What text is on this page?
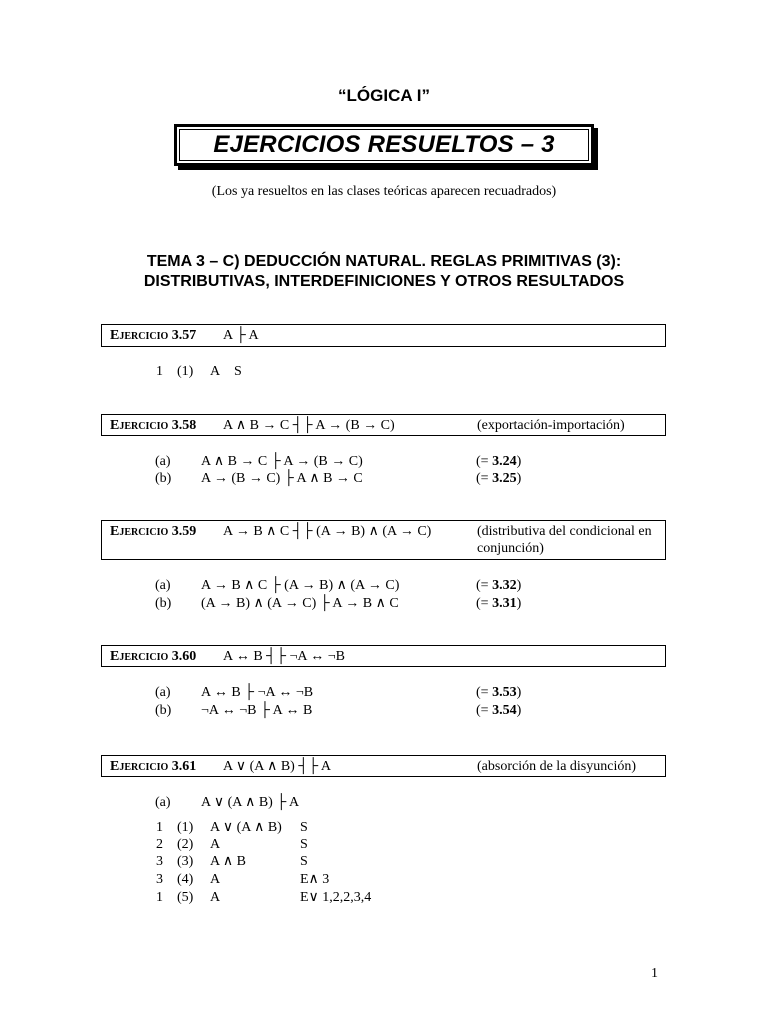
“LÓGICA I”
EJERCICIOS RESUELTOS – 3
(Los ya resueltos en las clases teóricas aparecen recuadrados)
TEMA 3 – C) DEDUCCIÓN NATURAL. REGLAS PRIMITIVAS (3):
DISTRIBUTIVAS, INTERDEFINICIONES Y OTROS RESULTADOS
Ejercicio 3.57 A ├ A
1 (1) A S
Ejercicio 3.58 A ∧ B → C ┤├ A → (B → C)	(exportación-importación)
(a) A ∧ B → C ├ A → (B → C)	(= 3.24)
(b) A → (B → C) ├ A ∧ B → C	(= 3.25)
Ejercicio 3.59 A → B ∧ C ┤├ (A → B) ∧ (A → C)	(distributiva del condicional en conjunción)
(a) A → B ∧ C ├ (A → B) ∧ (A → C)	(= 3.32)
(b) (A → B) ∧ (A → C) ├ A → B ∧ C	(= 3.31)
Ejercicio 3.60 A ↔ B ┤├ ¬A ↔ ¬B
(a) A ↔ B ├ ¬A ↔ ¬B	(= 3.53)
(b) ¬A ↔ ¬B ├ A ↔ B	(= 3.54)
Ejercicio 3.61 A ∨ (A ∧ B) ┤├ A	(absorción de la disyunción)
(a) A ∨ (A ∧ B) ├ A
1 (1) A ∨ (A ∧ B) S
2 (2) A	S
3 (3) A ∧ B	S
3 (4) A	E∧ 3
1 (5) A	E∨ 1,2,2,3,4
1
